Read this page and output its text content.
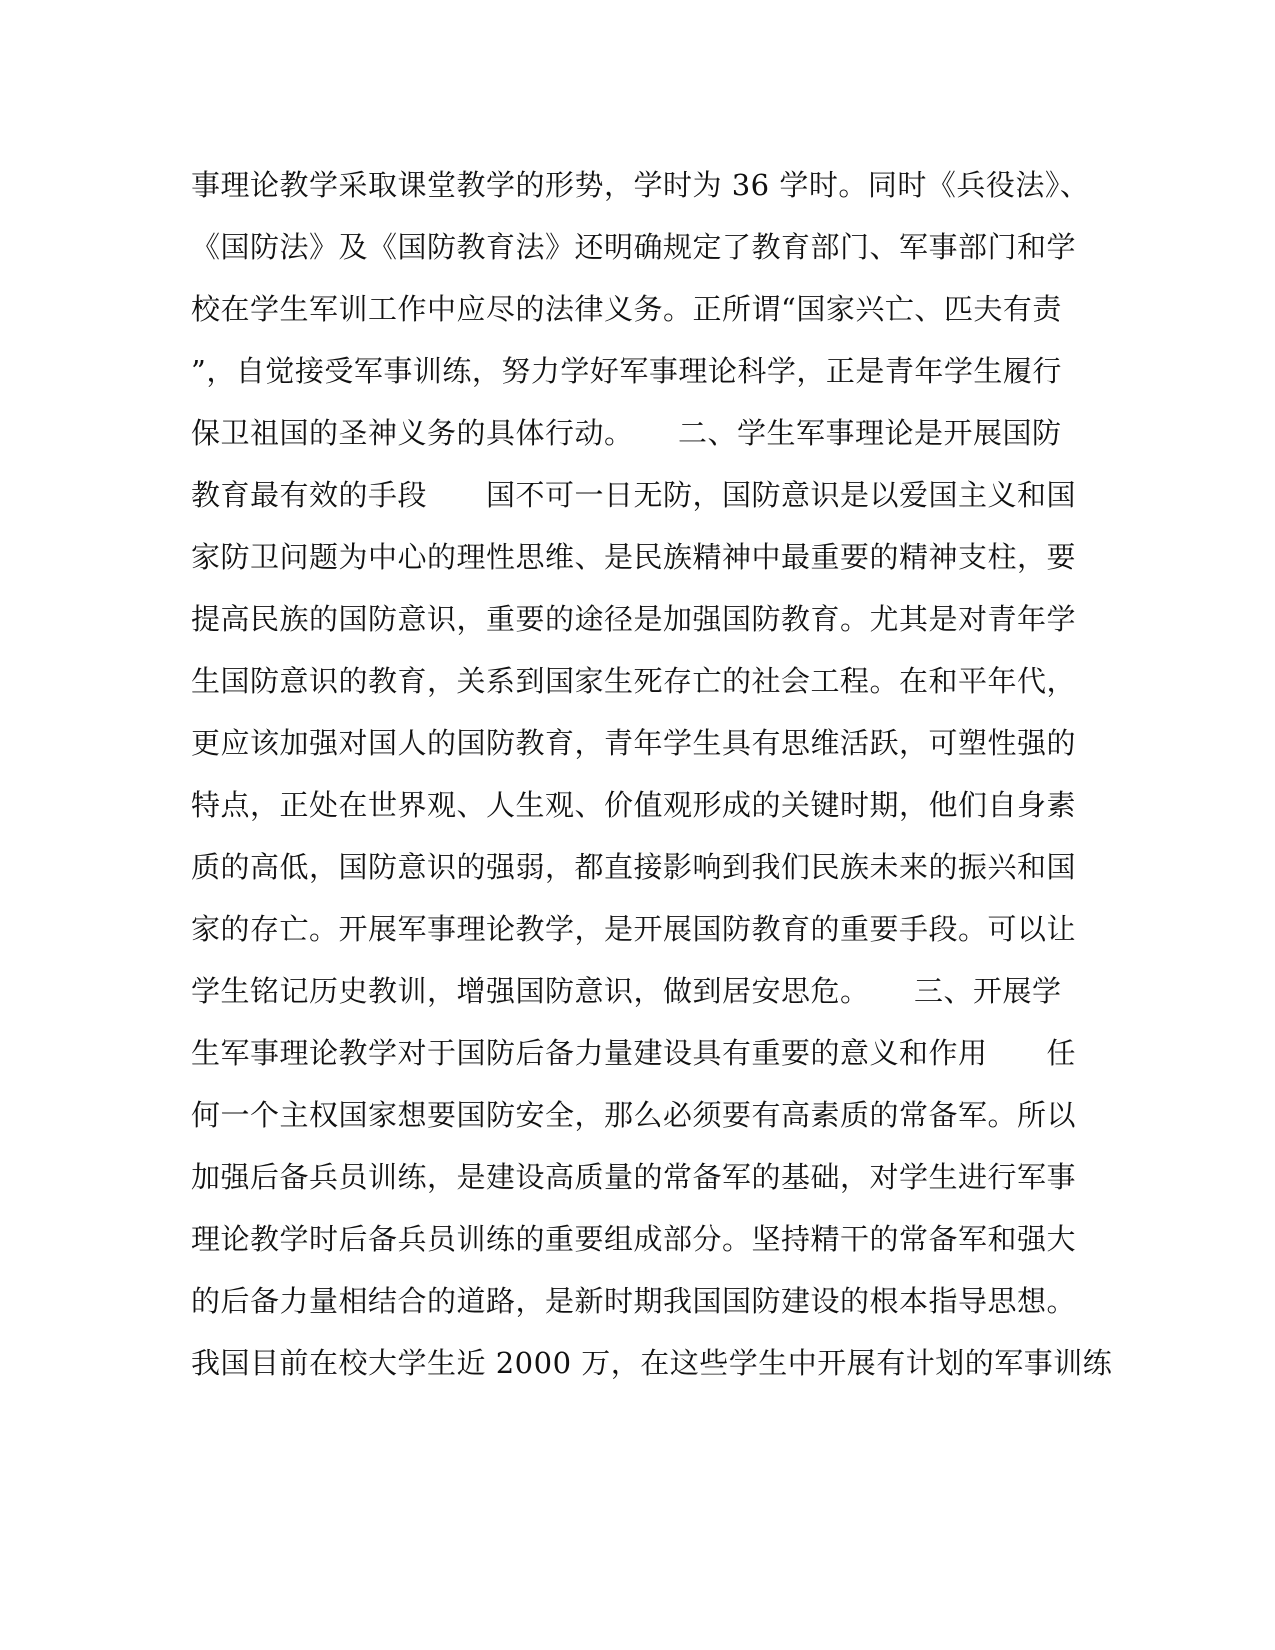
事理论教学采取课堂教学的形势，学时为 36 学时。同时《兵役法》、
《国防法》及《国防教育法》还明确规定了教育部门、军事部门和学
校在学生军训工作中应尽的法律义务。正所谓“国家兴亡、匹夫有责
”，自觉接受军事训练，努力学好军事理论科学，正是青年学生履行
保卫祖国的圣神义务的具体行动。　　二、学生军事理论是开展国防
教育最有效的手段　　国不可一日无防，国防意识是以爱国主义和国
家防卫问题为中心的理性思维、是民族精神中最重要的精神支柱，要
提高民族的国防意识，重要的途径是加强国防教育。尤其是对青年学
生国防意识的教育，关系到国家生死存亡的社会工程。在和平年代，
更应该加强对国人的国防教育，青年学生具有思维活跃，可塑性强的
特点，正处在世界观、人生观、价值观形成的关键时期，他们自身素
质的高低，国防意识的强弱，都直接影响到我们民族未来的振兴和国
家的存亡。开展军事理论教学，是开展国防教育的重要手段。可以让
学生铭记历史教训，增强国防意识，做到居安思危。　　三、开展学
生军事理论教学对于国防后备力量建设具有重要的意义和作用　　任
何一个主权国家想要国防安全，那么必须要有高素质的常备军。所以
加强后备兵员训练，是建设高质量的常备军的基础，对学生进行军事
理论教学时后备兵员训练的重要组成部分。坚持精干的常备军和强大
的后备力量相结合的道路，是新时期我国国防建设的根本指导思想。
我国目前在校大学生近 2000 万，在这些学生中开展有计划的军事训练
